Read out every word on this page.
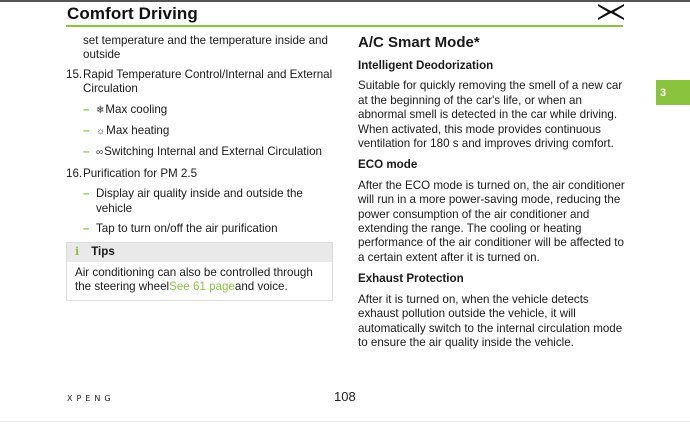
Comfort Driving

set temperature and the temperature inside and outside

15. Rapid Temperature Control/Internal and External Circulation
– ❄Max cooling
– ☼Max heating
– ∞Switching Internal and External Circulation
16. Purification for PM 2.5
– Display air quality inside and outside the vehicle
– Tap to turn on/off the air purification
i Tips
Air conditioning can also be controlled through the steering wheelSee 61 pageand voice.
A/C Smart Mode*
Intelligent Deodorization

Suitable for quickly removing the smell of a new car at the beginning of the car's life, or when an abnormal smell is detected in the car while driving. When activated, this mode provides continuous ventilation for 180 s and improves driving comfort.

ECO mode

After the ECO mode is turned on, the air conditioner will run in a more power-saving mode, reducing the power consumption of the air conditioner and extending the range. The cooling or heating performance of the air conditioner will be affected to a certain extent after it is turned on.

Exhaust Protection

After it is turned on, when the vehicle detects exhaust pollution outside the vehicle, it will automatically switch to the internal circulation mode to ensure the air quality inside the vehicle.

3
XPENG	108
